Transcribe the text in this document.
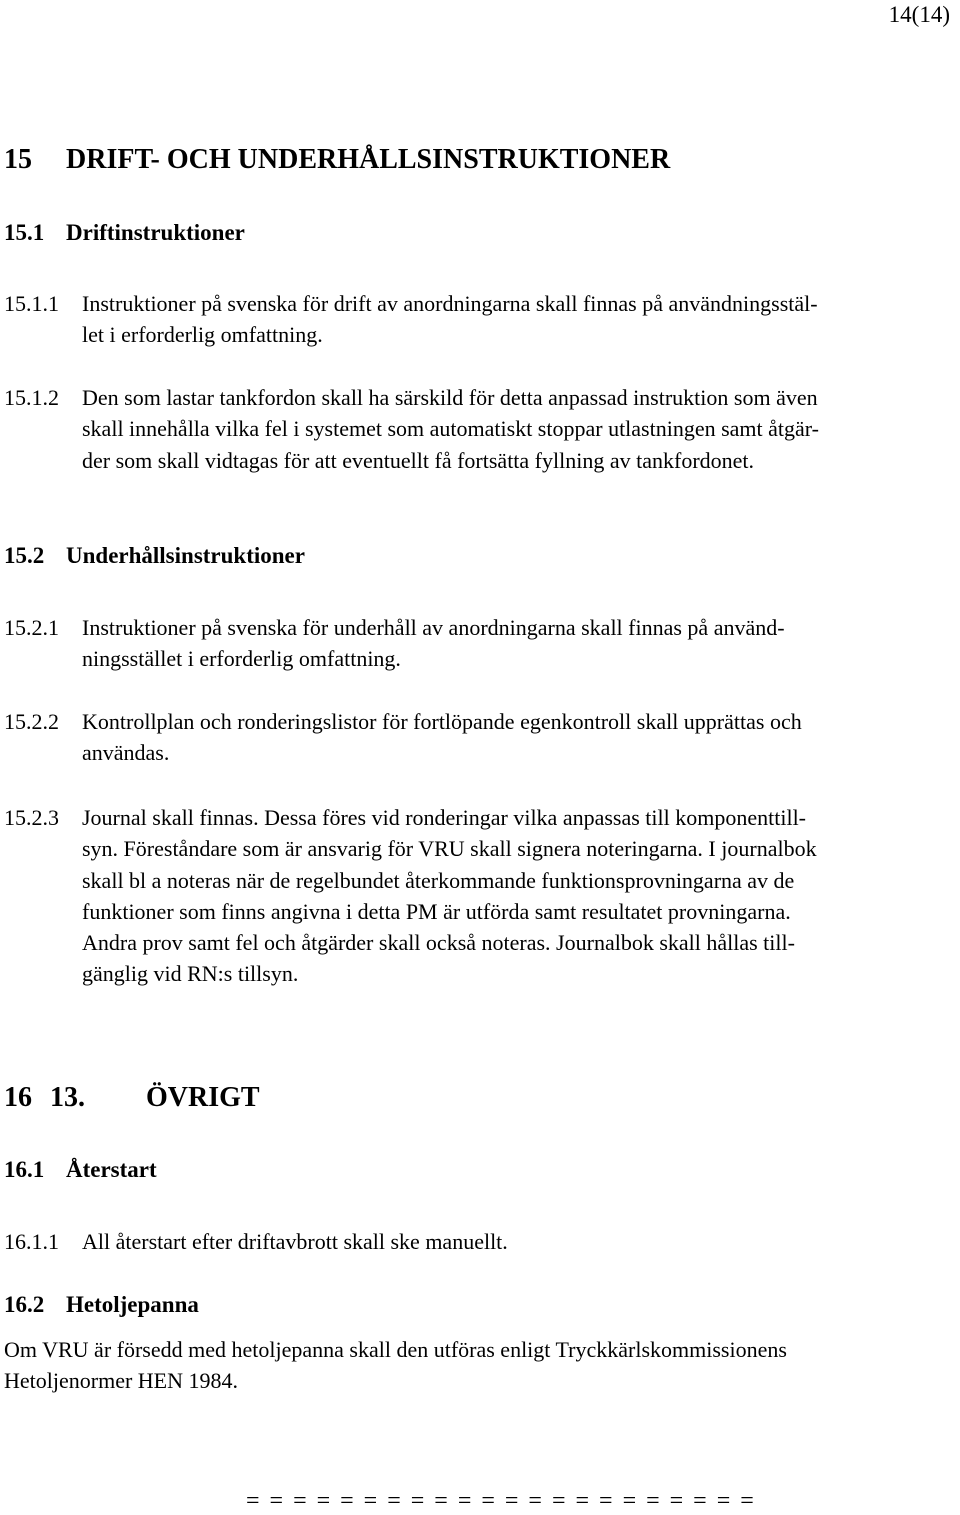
14(14)
15 DRIFT- OCH UNDERHÅLLSINSTRUKTIONER
15.1 Driftinstruktioner
15.1.1 Instruktioner på svenska för drift av anordningarna skall finnas på användningsstäl-
let i erforderlig omfattning.
15.1.2 Den som lastar tankfordon skall ha särskild för detta anpassad instruktion som även
skall innehålla vilka fel i systemet som automatiskt stoppar utlastningen samt åtgär-
der som skall vidtagas för att eventuellt få fortsätta fyllning av tankfordonet.
15.2 Underhållsinstruktioner
15.2.1 Instruktioner på svenska för underhåll av anordningarna skall finnas på använd-
ningsstället i erforderlig omfattning.
15.2.2 Kontrollplan och ronderingslistor för fortlöpande egenkontroll skall upprättas och
användas.
15.2.3 Journal skall finnas. Dessa föres vid ronderingar vilka anpassas till komponenttill-
syn. Föreståndare som är ansvarig för VRU skall signera noteringarna. I journalbok
skall bl a noteras när de regelbundet återkommande funktionsprovningarna av de
funktioner som finns angivna i detta PM är utförda samt resultatet provningarna.
Andra prov samt fel och åtgärder skall också noteras. Journalbok skall hållas till-
gänglig vid RN:s tillsyn.
16 13. ÖVRIGT
16.1 Återstart
16.1.1 All återstart efter driftavbrott skall ske manuellt.
16.2 Hetoljepanna
Om VRU är försedd med hetoljepanna skall den utföras enligt Tryckkärlskommissionens
Hetoljenormer HEN 1984.
= = = = = = = = = = = = = = = = = = = = = =
